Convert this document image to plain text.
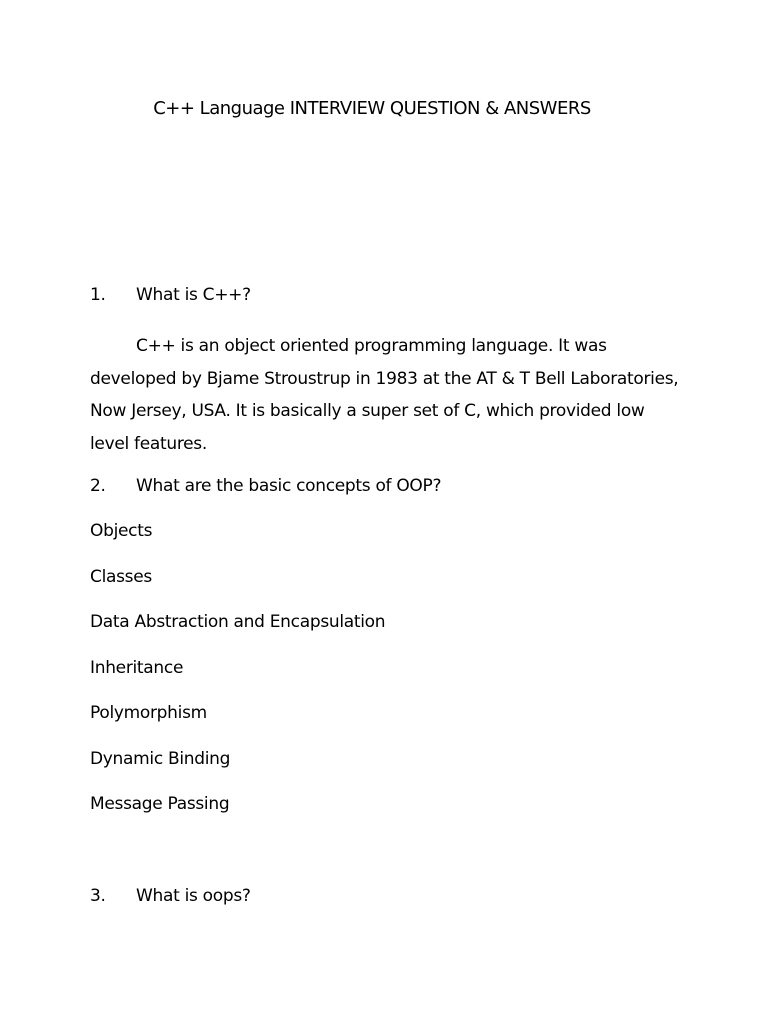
C++ Language INTERVIEW QUESTION & ANSWERS
1. What is C++?
C++ is an object oriented programming language. It was developed by Bjame Stroustrup in 1983 at the AT & T Bell Laboratories, Now Jersey, USA. It is basically a super set of C, which provided low level features.
2. What are the basic concepts of OOP?
Objects
Classes
Data Abstraction and Encapsulation
Inheritance
Polymorphism
Dynamic Binding
Message Passing
3. What is oops?
